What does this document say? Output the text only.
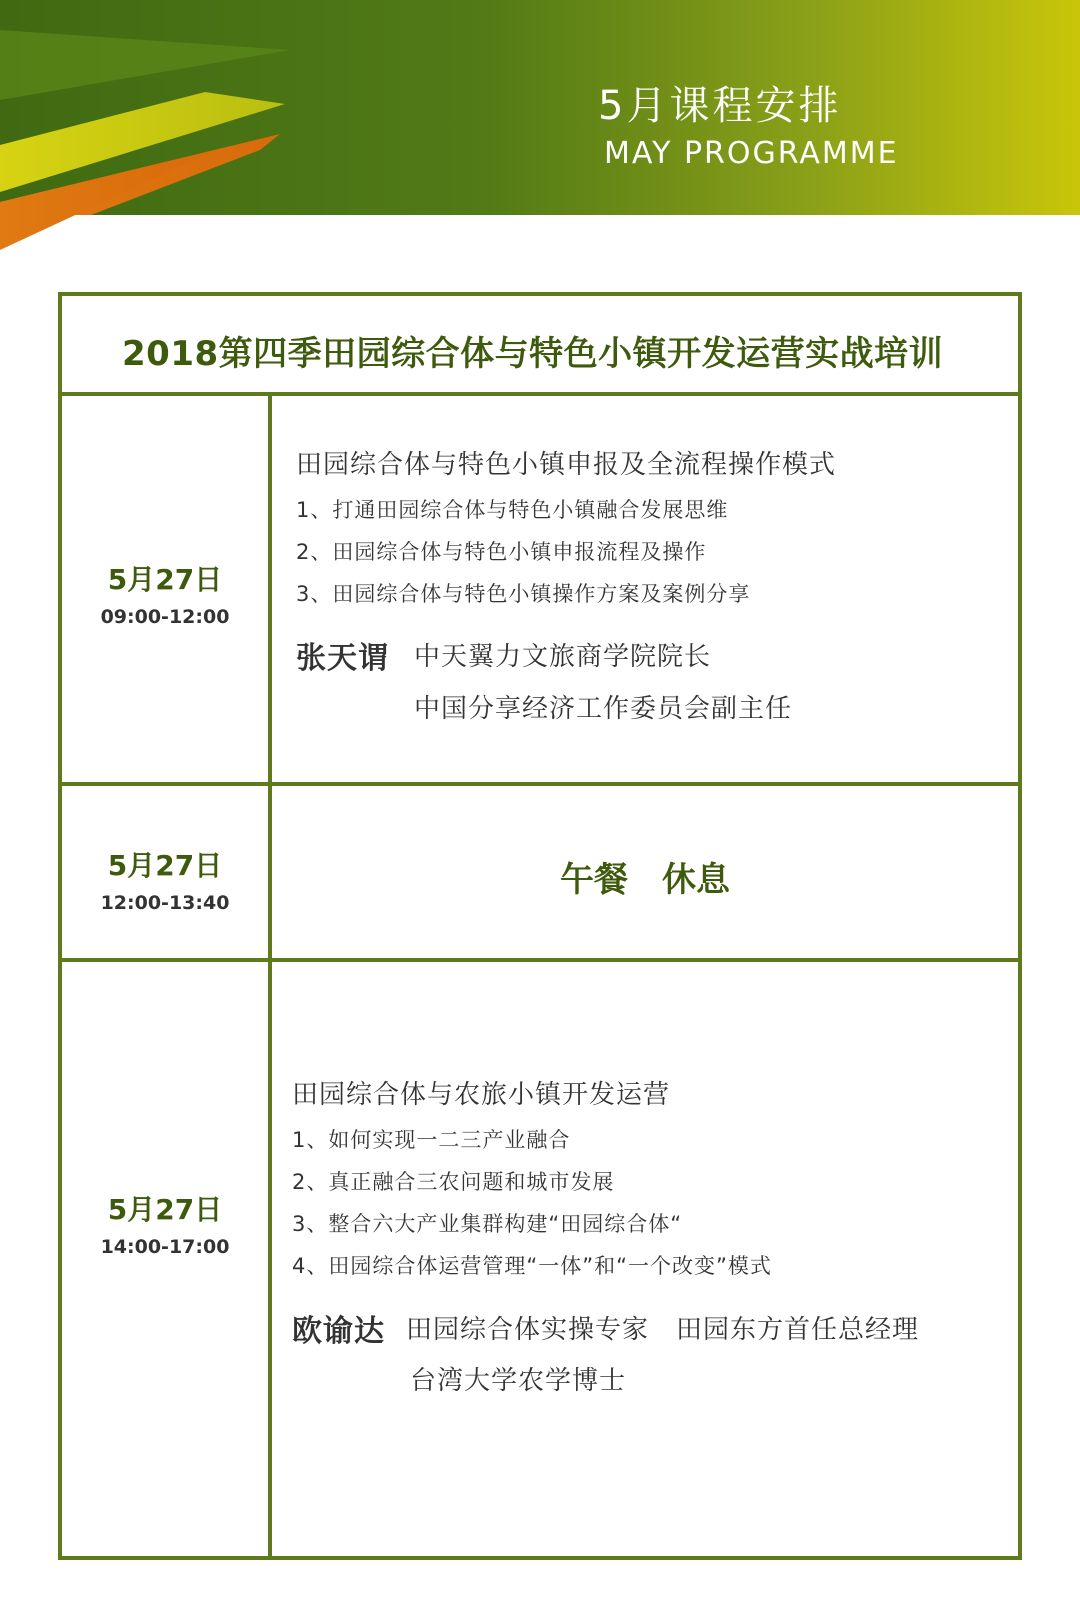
5月课程安排
MAY PROGRAMME
2018第四季田园综合体与特色小镇开发运营实战培训
5月27日
09:00-12:00
田园综合体与特色小镇申报及全流程操作模式
1、打通田园综合体与特色小镇融合发展思维
2、田园综合体与特色小镇申报流程及操作
3、田园综合体与特色小镇操作方案及案例分享
张天谓 中天翼力文旅商学院院长
中国分享经济工作委员会副主任
5月27日
12:00-13:40
午餐　休息
5月27日
14:00-17:00
田园综合体与农旅小镇开发运营
1、如何实现一二三产业融合
2、真正融合三农问题和城市发展
3、整合六大产业集群构建“田园综合体“
4、田园综合体运营管理“一体”和“一个改变”模式
欧谕达 田园综合体实操专家　田园东方首任总经理
台湾大学农学博士
